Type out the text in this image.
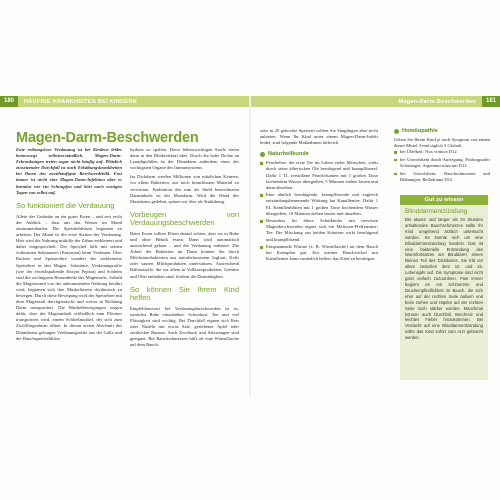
180	HÄUFIGE KRANKHEITEN BEI KINDERN	Magen-Darm-Beschwerden	181
Magen-Darm-Beschwerden
Eine reibungslose Verdauung ist bei Kindern leider keineswegs selbstverständlich. Magen-Darm-Erkrankungen treten sogar nicht häufig auf. Plötzlich einsetzender Durchfall ist nach Erkältungskrankheiten bei Ihnen das zweithäufigste Beschwerdebild. Fast immer ist nicht eine Magen-Darm-Infektion aber es harmlos wie ein Schnupfen und hört nach wenigen Tagen von selbst auf.
So funktioniert die Verdauung
Allein der Gedanke an ein gutes Essen – und erst recht der Anblick – lässt uns das Wasser im Mund zusammenlaufen. Die Speicheldrüsen beginnen zu arbeiten. Der Mund ist die erste Station der Verdauung. Hier wird die Nahrung mithilfe der Zähne zerkleinert und dabei eingespeichelt. Der Speichel hilft mit seinen wirksamen Substanzen (Enzymen) beim Verdauen. Über Rachen und Speiseröhre wandert der zerkleinerte Speisebrei in den Magen. Salzsäure, Verdauungssäfte (wie der eiweißspaltende Enzym Pepsin) und Schleim sind die wichtigsten Bestandteile des Magensafts. Sobald die Magenwand von der ankommenden Nahrung berührt wird, beginnen sich ihre Muskelfasern rhythmisch zu bewegen. Durch diese Bewegung wird der Speisebrei mit dem Magensaft durchgemischt und weiter in Richtung Darm transportiert. Die Muskelbewegungen sorgen dafür, dass der Mageninhalt schließlich zum Pförtner transportiert wird, einem Schließmuskel, der sich zum Zwölffingerdarm öffnet. In diesen ersten Abschnitt des Dünndarms gelangen Verdauungssäfte aus der Galle und der Bauchspeicheldrüse.
hydrate zu spalten. Diese lebenswichtigen Stoffe treten dann in den Blutkreislauf über. Durch die hohe Dichte an Lymphgefäßen ist der Dünndarm außerdem eines der wichtigsten Organe des Immunsystems.
Im Dickdarm werden Millionen von nützlichen Keimen, vor allem Bakterien, aus noch brauchbaren Material zu verwerten. Endstation des nun als Stuhl bezeichneten Darminhalts ist der Mastdarm. Wird die Wand des Mastdarms gedehnt, spüren wir dies als Stuhldrang.
Vorbeugen von Verdauungsbeschwerden
Beim Essen sollten Eltern darauf achten, dass sie in Ruhe und ohne Hektik essen. Dann wird automatisch ausreichend gekaut – und die Verdauung entlastet. Die Arbeit der Bakterien im Darm können Sie durch Milchsäurebakterien aus naturbelassenem Joghurt, Kefir oder sauren Milchprodukten unterstützen. Ausreichend Ballaststoffe, die vor allem in Vollkornprodukten, Gemüse und Obst enthalten sind, fördern die Darmtätigkeit.
So können Sie Ihrem Kind helfen
Empfehlenswert bei Verdauungsbeschwerden ist es, zunächst Ruhe einzuhalten. Schonkost, Tee und viel Flüssigkeit sind wichtig. Bei Durchfall eignen sich Reis oder Nudeln mit etwas Salz, geriebener Apfel oder zerdrückte Banane. Auch Zwieback und Salzstangen sind geeignet. Bei Bauchschmerzen hilft oft eine Wärmflasche auf dem Bauch.
oder in 25 gekochte Speisen) sollten Sie Säuglingen aber nicht anbieten. Wenn Ihr Kind unter einem Magen-Darm-Infekt leidet, sind folgende Maßnahmen hilfreich.
Naturheilkunde
Fencheltee, der erste Tee im Leben vieler Menschen, wirkt durch seine ätherischen Öle beruhigend und krampflösend. Dafür 1 TL zerstoßene Fenchelsamen mit 1 großen Tasse kochendem Wasser übergießen, 5 Minuten ziehen lassen und dann abseihen.
Eine ähnlich beruhigende, krampflösende und zugleich entzündungshemmende Wirkung hat Kamillentee. Dafür 1 EL Kamillenblüten mit 1 großen Tasse kochendem Wasser übergießen, 10 Minuten ziehen lassen und abseihen.
Besonders für ältere Schulkinder mit nervösen Magenbeschwerden eignet sich ein Melissen-Pfefferminz-Tee. Die Mischung aus beiden Kräutern wirkt beruhigend und krampflösend.
Entspannende Wärme (z. B. Wärmflasche) tut dem Bauch bei Krämpfen gut. Ein warmer Bauchwickel mit Kamillentee kann zusätzlich helfen, das Kind zu beruhigen.
Homöopathie
Geben Sie Ihrem Kind je nach Symptom von einem dieser Mittel 3-mal täglich 5 Globuli.
bei Übelkeit: Nux vomica D12
bei Unwohlsein durch Aufregung, Prüfungsoder Schulangst: Argentum nitricum D12
bei Unwohlsein, Bauchschmerzen und Blähungen: Belladonna D12
Gut zu wissen
Blinddarmentzündung
Bei akuten und länger als 24 Stunden anhaltenden Bauchschmerzen sollte Ihr Kind umgehend ärztlich untersucht werden. Es könnte sich um eine Blinddarmentzündung handeln. Das ist eine bakterielle Entzündung des Wurmfortsatzes am Blinddarm, einem kleinen Teil des Dickdarms. Sie tritt vor allem zwischen dem 10. und 15. Lebensjahr auf. Die Symptome sind nicht ganz einfach zuzuordnen. Fast immer beginnt es mit Schmerzen und Druckempfindlichkeit im Bauch, die sich eher auf der rechten Seite äußern und beim Gehen und Hüpfen auf der rechten Seite noch stärker werden. Manchmal können auch Durchfall, Brechreiz und leichtes Fieber hinzukommen. Bei Verdacht auf eine Blinddarmentzündung sollte das Kind sofort zum Arzt gebracht werden.
